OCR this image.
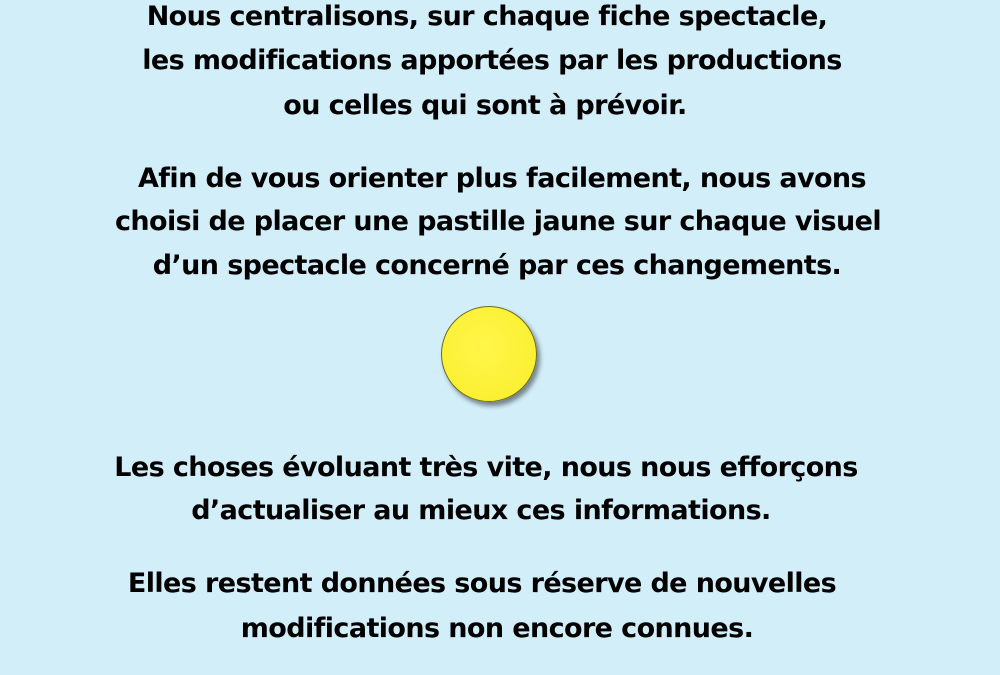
Nous centralisons, sur chaque fiche spectacle,
les modifications apportées par les productions
ou celles qui sont à prévoir.
Afin de vous orienter plus facilement, nous avons
choisi de placer une pastille jaune sur chaque visuel
d’un spectacle concerné par ces changements.
Les choses évoluant très vite, nous nous efforçons
d’actualiser au mieux ces informations.
Elles restent données sous réserve de nouvelles
modifications non encore connues.
